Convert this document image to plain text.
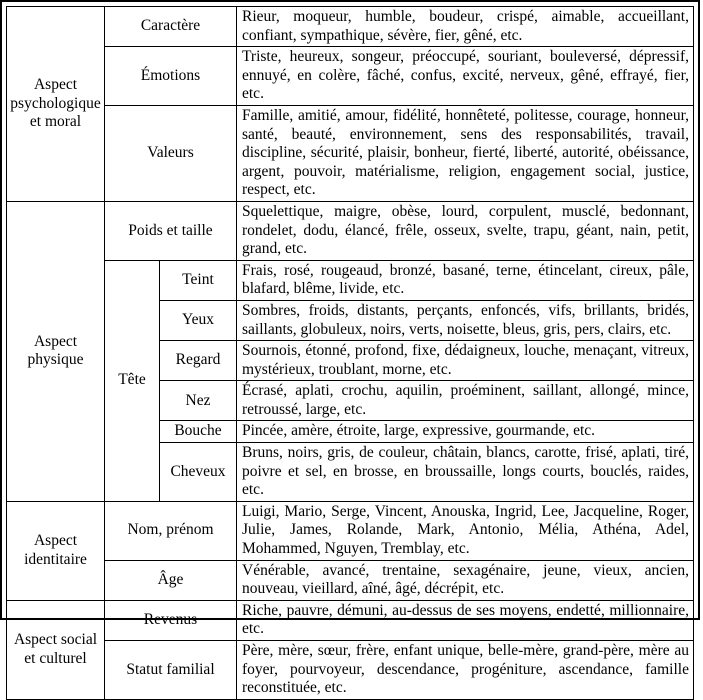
Aspect psychologique et moral	Caractère		Rieur, moqueur, humble, boudeur, crispé, aimable, accueillant, confiant, sympathique, sévère, fier, gêné, etc.
	Émotions		Triste, heureux, songeur, préoccupé, souriant, bouleversé, dépressif, ennuyé, en colère, fâché, confus, excité, nerveux, gêné, effrayé, fier, etc.
	Valeurs		Famille, amitié, amour, fidélité, honnêteté, politesse, courage, honneur, santé, beauté, environnement, sens des responsabilités, travail, discipline, sécurité, plaisir, bonheur, fierté, liberté, autorité, obéissance, argent, pouvoir, matérialisme, religion, engagement social, justice, respect, etc.
Aspect physique	Poids et taille		Squelettique, maigre, obèse, lourd, corpulent, musclé, bedonnant, rondelet, dodu, élancé, frêle, osseux, svelte, trapu, géant, nain, petit, grand, etc.
	Tête	Teint	Frais, rosé, rougeaud, bronzé, basané, terne, étincelant, cireux, pâle, blafard, blême, livide, etc.
		Yeux	Sombres, froids, distants, perçants, enfoncés, vifs, brillants, bridés, saillants, globuleux, noirs, verts, noisette, bleus, gris, pers, clairs, etc.
		Regard	Sournois, étonné, profond, fixe, dédaigneux, louche, menaçant, vitreux, mystérieux, troublant, morne, etc.
		Nez	Écrasé, aplati, crochu, aquilin, proéminent, saillant, allongé, mince, retroussé, large, etc.
		Bouche	Pincée, amère, étroite, large, expressive, gourmande, etc.
		Cheveux	Bruns, noirs, gris, de couleur, châtain, blancs, carotte, frisé, aplati, tiré, poivre et sel, en brosse, en broussaille, longs courts, bouclés, raides, etc.
Aspect identitaire	Nom, prénom		Luigi, Mario, Serge, Vincent, Anouska, Ingrid, Lee, Jacqueline, Roger, Julie, James, Rolande, Mark, Antonio, Mélia, Athéna, Adel, Mohammed, Nguyen, Tremblay, etc.
	Âge		Vénérable, avancé, trentaine, sexagénaire, jeune, vieux, ancien, nouveau, vieillard, aîné, âgé, décrépit, etc.
Aspect social et culturel	Revenus		Riche, pauvre, démuni, au-dessus de ses moyens, endetté, millionnaire, etc.
	Statut familial		Père, mère, sœur, frère, enfant unique, belle-mère, grand-père, mère au foyer, pourvoyeur, descendance, progéniture, ascendance, famille reconstituée, etc.
